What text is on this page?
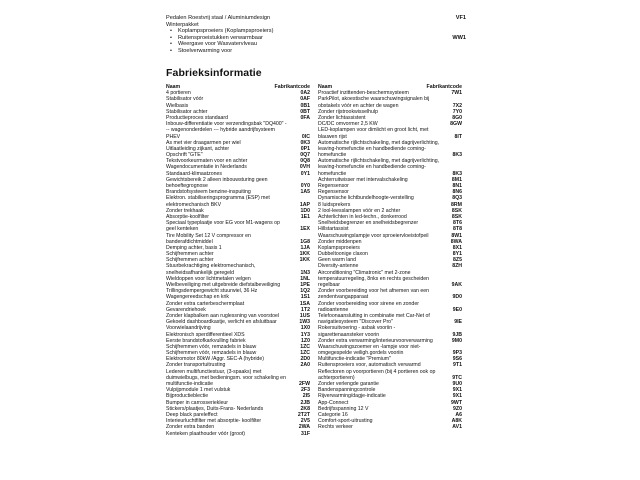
Pedalen Roestvrij staal / Aluminiumdesign	VF1
Winterpakket
• Koplampsproeiers (Koplampsproeiers)
• Ruitensproeistukken verwarmbaar	WW1
• Weergave voor Wasvatervlveau
• Stoelverwarming voor
Fabrieksinformatie
Naam	Fabrikantcode
4 portieren	0A2
Stabilisator vóór	0AF
Wielbasis	0B1
Stabilisator achter	0BT
Productieproces standaard	0FA
Inbouw-differentiatie voor verzendingsbak "DQ400" --- wagenonderdelen --- hybride aandrijfsysteem PHEV	0IC
As met vier draagarmen per wiel	0K3
Uitlaatleiding zijkant, achter	0P1
Opschrift "GTE"	0Q7
Tekstvoorkeurmaten voor en achter	0Q8
Wagendocumentatie in Nederlands	0VH
Standaard-klimaatzones	0Y1
Gewichtsbereik 2 alleen inbouwsturing geen behoeftegrognose	0Y0
Brandstofsysteem benzine-inspuiting	1A5
Elektron. stabiliseringsprogramma (ESP) met elektromechanisch BKV	1AP
Zonder trekhaak	1D0
Absorptie-koolfilter	1E1
Speciaal typeplaatje voor EG voor M1-wagens op geel kenteken	1EX
Tire Mobility Set 12 V compressor en banderafdichtmiddel	1G8
Demping achter, basis 1	1JA
Schijfremmen achter	1KK
Schijfremmen achter	1KK
Stuurbekrachtiging elektromechanisch, snelheidsafhankelijk geregeld	1N3
Wieldoppen voor lichtmetalen velgen	1NL
Wielbeveiliging met uitgebreide diefstalbeveiliging	1PE
Trillingsdempergewicht stuurwiel, 36 Hz	1Q2
Wagengereedschap en krik	1S1
Zonder extra carterbeschermplaat	1SA
Gevarendriehoek	1T2
Zonder klapbalken aan ruglessning van voorstoel	1US
Gekoeld dashboardkastje, verlicht en afsluitbaar	1W3
Voorwielaandrijving	1X0
Elektronisch sperdifferentieel XDS	1Y3
Eerste brandstofkarkvulling fabriek	1Z0
Schijfremmen vóór, remzadels in blauw	1ZC
Schijfremmen vóór, remzadels in blauw	1ZC
Elektromotor 80kW /Aggr. SEC-A (hybride)	2D0
Zonder transportuitrusting	2A0
Lederen multifunctiestuur, (3-spaaks) met duimwielbugs, met bedieningsm. voor schakeling en multifunctie-indicatie	2FW
Vulpijpmodule 1 met vulstuk	2F3
Bijproductieblectie	2I5
Bumper in carrosseriekleur	2JB
Stickers/plaatjes, Duits-Frans- Nederlands	2K8
Deep black pareleffect	2T2T
Interieurluchtfilter met absorptie- koolfilter	2V5
Zonder extra banden	2WA
Kenteken plaathouder vóór (groot)	31F
Naam	Fabrikantcode
Proactief inzittenden-beschermsysteem	7W1
ParkPilot, akoestische waarschuwingsignalen bij obstakels vóór en achter de wagen	7X2
Zonder rijstrookwisselhulp	7Y0
Zonder lichtassistent	8G0
DC/DC omvormer 2,5 KW	8GW
LED-koplampen voor dimlicht en groot licht, met blauwen rijst	8IT
Automatische rijlichtschakeling, met dagrijverlichting, leaving-homefunctie en handbediende coming-homefunctie	8K3
Automatische rijlichtschakeling, met dagrijverlichting, leaving-homefunctie en handbediende coming-homefunctie	8K3
Achterruitwisser met intervalschakeling	8M1
Regensensor	8N1
Regensensor	8N6
Dynamische lichtbundelhoogte-verstelling	8Q3
8 luidsprekers	8RM
2 lool-leesslampen vóór en 2 achter	8SK
Achterlichten in led-techn., donkerrood	8SK
Snelheidsbegrenzer en snelheidsbegrenzer	8T6
Hillstartassist	8T8
Waarschuwingslampje voor sproeiervloeistofpeil	8W1
Zonder middenpen	8WA
Koplampsproeiers	8X1
Dubbeltoonige claxon	8Y1
Geen warm land	8Z5
Diversity-antenne	8ZH
Airconditioning "Climatronic" met 2-zone temperatuurregeling, 8nks en rechts gescheiden regelbaar	9AK
Zonder voorbereiding voor het afnemen van een zendentvangapparaat	9D0
Zonder voorbereiding voor sirene en zonder radioantenne	9E0
Telefoonaansluiting in combinatie met Car-Net of navigatiesysteem "Discover Pro"	9IE
Rokersuitvoering - asbak vooriin - sigarettenaansteker voorin	9JB
Zonder extra verwarming/interieurvoorverwarming	9M0
Waarschuwingszoemer en -lampje voor niet-omgegespelde veiligh.gordels vooriin	9P3
Multifunctie-indicatie "Premium"	9S6
Ruitensproeiers voor, automatisch verwarmd	9T1
Reflectoren op voorportieren (bij 4 portieren ook op achterportieren)	9TC
Zonder verlengde garantie	9U0
Bandenspanningcontrole	9X1
Rijverwarming/dagje-indicatie	9X1
App-Connect	9WT
Bedrijfsspanning 12 V	9Z0
Categorie 16	A6
Comfort-sport-uitrusting	A8K
Rechts verkeer	AV1
